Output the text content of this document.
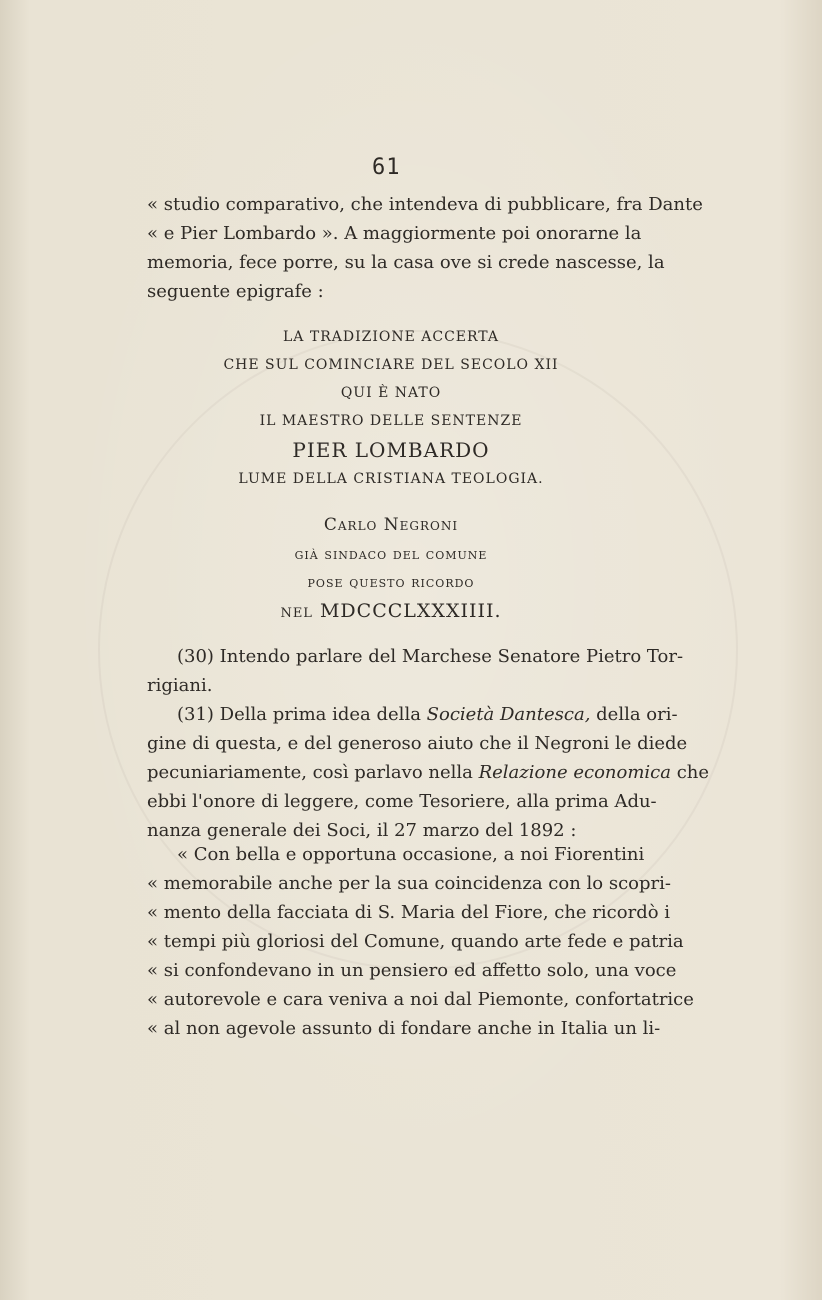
61
« studio comparativo, che intendeva di pubblicare, fra Dante
« e Pier Lombardo ». A maggiormente poi onorarne la
memoria, fece porre, su la casa ove si crede nascesse, la
seguente epigrafe :
LA TRADIZIONE ACCERTA
CHE SUL COMINCIARE DEL SECOLO XII
QUI È NATO
IL MAESTRO DELLE SENTENZE
PIER LOMBARDO
LUME DELLA CRISTIANA TEOLOGIA.
Carlo Negroni
già sindaco del comune
pose questo ricordo
nel MDCCCLXXXIIII.
(30) Intendo parlare del Marchese Senatore Pietro Tor-
rigiani.
(31) Della prima idea della Società Dantesca, della ori-
gine di questa, e del generoso aiuto che il Negroni le diede
pecuniariamente, così parlavo nella Relazione economica che
ebbi l'onore di leggere, come Tesoriere, alla prima Adu-
nanza generale dei Soci, il 27 marzo del 1892 :
« Con bella e opportuna occasione, a noi Fiorentini
« memorabile anche per la sua coincidenza con lo scopri-
« mento della facciata di S. Maria del Fiore, che ricordò i
« tempi più gloriosi del Comune, quando arte fede e patria
« si confondevano in un pensiero ed affetto solo, una voce
« autorevole e cara veniva a noi dal Piemonte, confortatrice
« al non agevole assunto di fondare anche in Italia un li-
